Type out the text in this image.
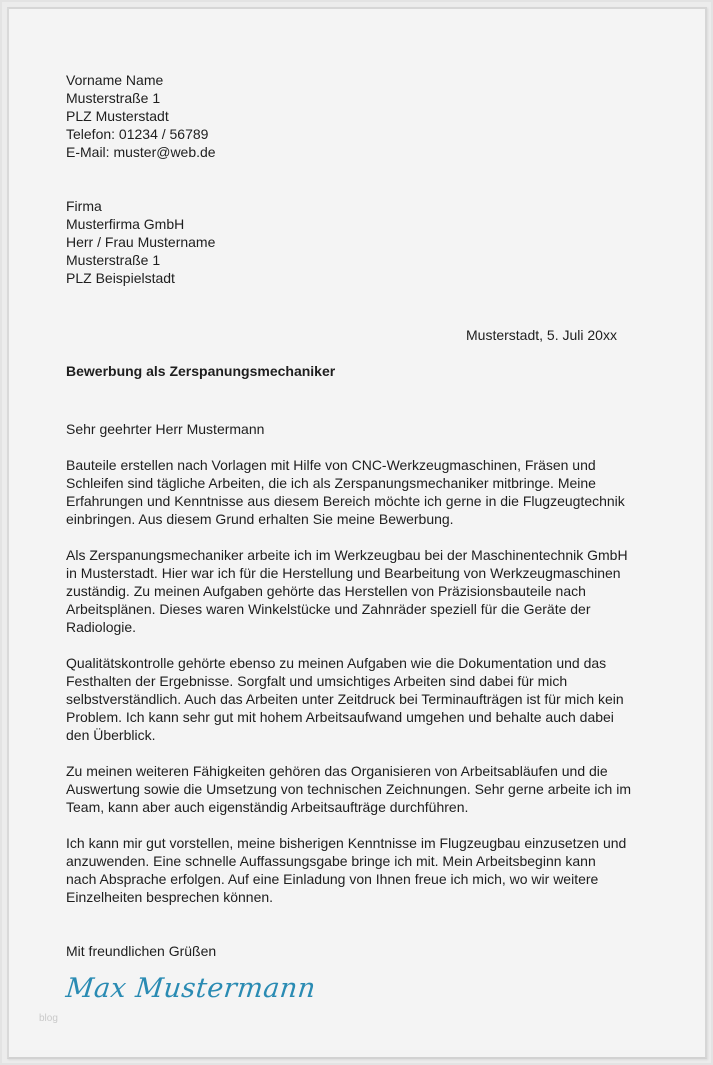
Vorname Name
Musterstraße 1
PLZ Musterstadt
Telefon: 01234 / 56789
E-Mail: muster@web.de
Firma
Musterfirma GmbH
Herr / Frau Mustername
Musterstraße 1
PLZ Beispielstadt
Musterstadt, 5. Juli 20xx
Bewerbung als Zerspanungsmechaniker
Sehr geehrter Herr Mustermann
Bauteile erstellen nach Vorlagen mit Hilfe von CNC-Werkzeugmaschinen, Fräsen und
Schleifen sind tägliche Arbeiten, die ich als Zerspanungsmechaniker mitbringe. Meine
Erfahrungen und Kenntnisse aus diesem Bereich möchte ich gerne in die Flugzeugtechnik
einbringen. Aus diesem Grund erhalten Sie meine Bewerbung.
Als Zerspanungsmechaniker arbeite ich im Werkzeugbau bei der Maschinentechnik GmbH
in Musterstadt. Hier war ich für die Herstellung und Bearbeitung von Werkzeugmaschinen
zuständig. Zu meinen Aufgaben gehörte das Herstellen von Präzisionsbauteile nach
Arbeitsplänen. Dieses waren Winkelstücke und Zahnräder speziell für die Geräte der
Radiologie.
Qualitätskontrolle gehörte ebenso zu meinen Aufgaben wie die Dokumentation und das
Festhalten der Ergebnisse. Sorgfalt und umsichtiges Arbeiten sind dabei für mich
selbstverständlich. Auch das Arbeiten unter Zeitdruck bei Terminaufträgen ist für mich kein
Problem. Ich kann sehr gut mit hohem Arbeitsaufwand umgehen und behalte auch dabei
den Überblick.
Zu meinen weiteren Fähigkeiten gehören das Organisieren von Arbeitsabläufen und die
Auswertung sowie die Umsetzung von technischen Zeichnungen. Sehr gerne arbeite ich im
Team, kann aber auch eigenständig Arbeitsaufträge durchführen.
Ich kann mir gut vorstellen, meine bisherigen Kenntnisse im Flugzeugbau einzusetzen und
anzuwenden. Eine schnelle Auffassungsgabe bringe ich mit. Mein Arbeitsbeginn kann
nach Absprache erfolgen. Auf eine Einladung von Ihnen freue ich mich, wo wir weitere
Einzelheiten besprechen können.
Mit freundlichen Grüßen
Max Mustermann
blog
